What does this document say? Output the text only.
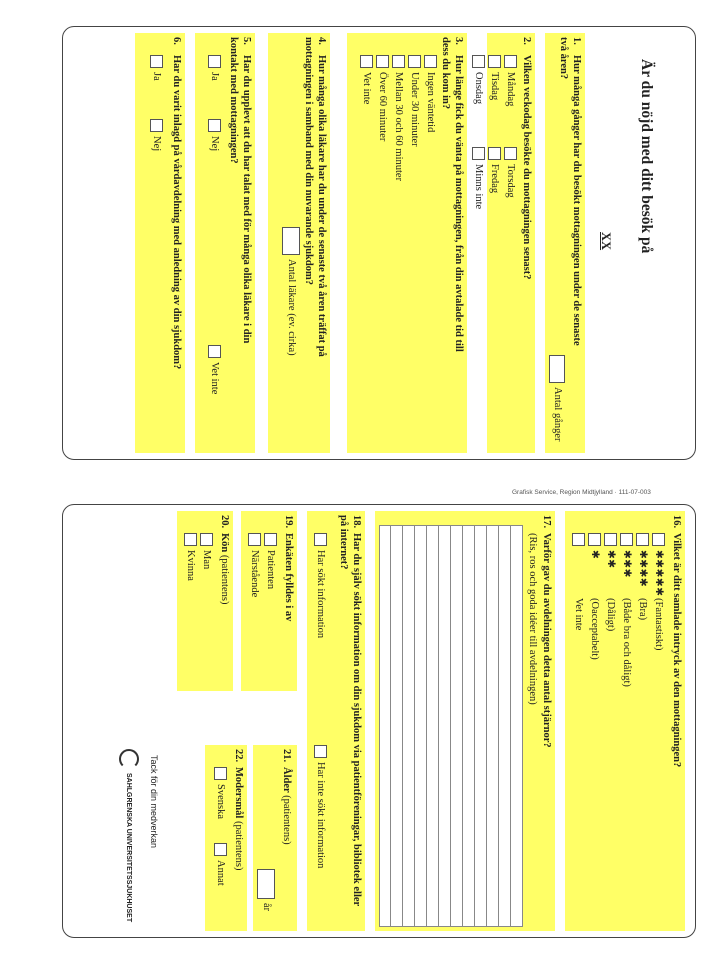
Är du nöjd med ditt besök på
XX
1.Hur många gånger har du besökt mottagningen under de senaste två åren?
Antal gånger
2.Vilken veckodag besökte du mottagningen senast?
Måndag
Tisdag
Onsdag
Torsdag
Fredag
Minns inte
3.Hur länge fick du vänta på mottagningen, från din avtalade tid till dess du kom in?
Ingen väntetid
Under 30 minuter
Mellan 30 och 60 minuter
Över 60 minuter
Vet inte
4.Hur många olika läkare har du under de senaste två åren träffat på mottagningen i samband med din nuvarande sjukdom?
Antal läkare (ev. cirka)
5.Har du upplevt att du har talat med för många olika läkare i din kontakt med mottagningen?
Ja
Nej
Vet inte
6.Har du varit inlagd på vårdavdelning med anledning av din sjukdom?
Ja
Nej
16.Vilket är ditt samlade intryck av den mottagningen?
✱✱✱✱✱
(Fantastiskt)
✱✱✱✱
(Bra)
✱✱✱
(Både bra och dåligt)
✱✱
(Dåligt)
✱
(Oacceptabelt)
Vet inte
17.Varför gav du avdelningen detta antal stjärnor?
(Ris, ros och goda idéer till avdelningen)
18.Har du själv sökt information om din sjukdom via patientföreningar, bibliotek eller på internet?
Har sökt information
Har inte sökt information
19.Enkäten fylldes i av
Patienten
Närstående
20.Kön (patientens)
Man
Kvinna
21.Ålder (patientens)
år
22.Modersmål (patientens)
Svenska
Annat
Tack för din medverkan
SAHLGRENSKA UNIVERSITETSSJUKHUSET
Grafisk Service, Region Midtjylland · 111-07-003
